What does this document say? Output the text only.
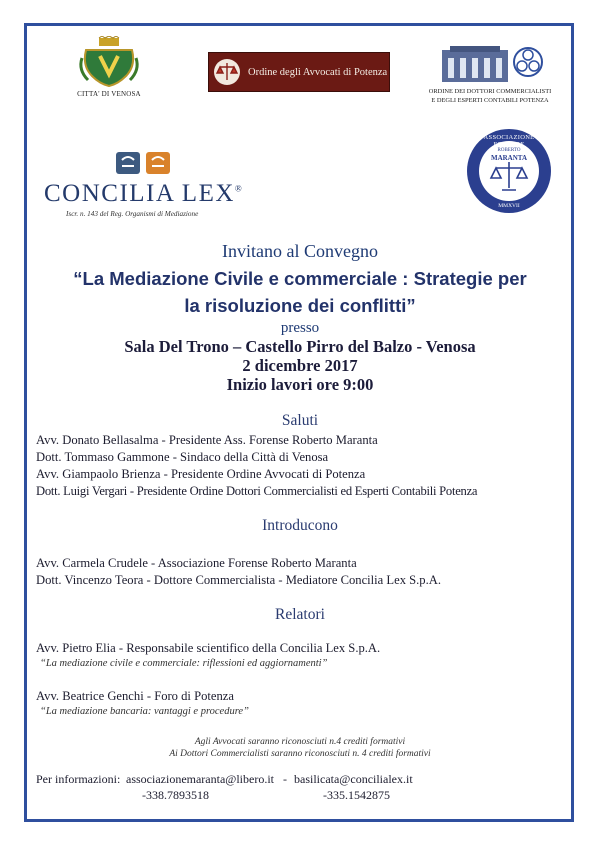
CITTA' DI VENOSA
Ordine degli Avvocati di Potenza
ORDINE DEI DOTTORI COMMERCIALISTI
E DEGLI ESPERTI CONTABILI POTENZA
CONCILIA LEX®
Iscr. n. 143 del Reg. Organismi di Mediazione
ASSOCIAZIONE FORENSE
ROBERTO
MARANTA
MMXVII
Invitano al Convegno
“La Mediazione Civile e commerciale : Strategie per
la risoluzione dei conflitti”
presso
Sala Del Trono – Castello Pirro del Balzo - Venosa
2 dicembre 2017
Inizio lavori ore 9:00
Saluti
Avv. Donato Bellasalma - Presidente Ass. Forense Roberto Maranta
Dott. Tommaso Gammone - Sindaco della Città di Venosa
Avv. Giampaolo Brienza - Presidente Ordine Avvocati di Potenza
Dott. Luigi Vergari - Presidente Ordine Dottori Commercialisti ed Esperti Contabili Potenza
Introducono
Avv. Carmela Crudele - Associazione Forense Roberto Maranta
Dott. Vincenzo Teora - Dottore Commercialista - Mediatore Concilia Lex S.p.A.
Relatori
Avv. Pietro Elia - Responsabile scientifico della Concilia Lex S.p.A.
“La mediazione civile e commerciale: riflessioni ed aggiornamenti”
Avv. Beatrice Genchi - Foro di Potenza
“La mediazione bancaria: vantaggi e procedure”
Agli Avvocati saranno riconosciuti n.4 crediti formativi
Ai Dottori Commercialisti saranno riconosciuti n. 4 crediti formativi
Per informazioni: associazionemaranta@libero.it - basilicata@concilialex.it
-338.7893518	-335.1542875
